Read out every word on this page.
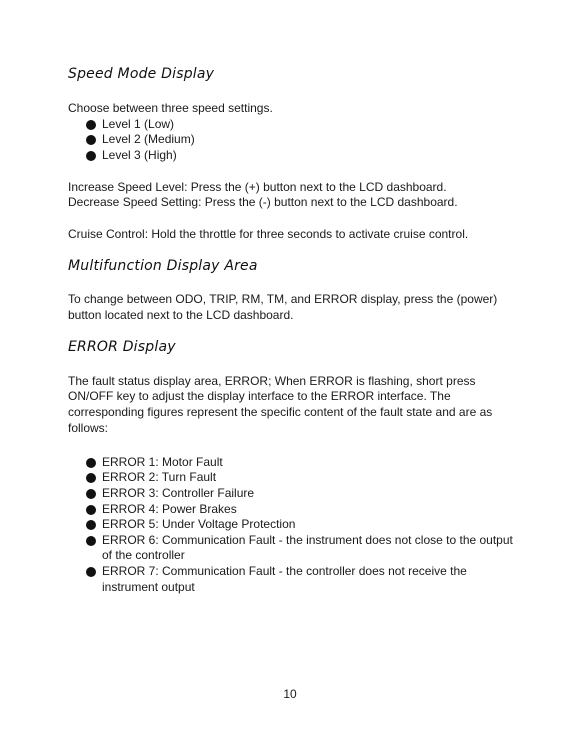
Speed Mode Display

Choose between three speed settings.

Level 1 (Low)
Level 2 (Medium)
Level 3 (High)

Increase Speed Level: Press the (+) button next to the LCD dashboard.

Decrease Speed Setting: Press the (-) button next to the LCD dashboard.

Cruise Control: Hold the throttle for three seconds to activate cruise control.

Multifunction Display Area

To change between ODO, TRIP, RM, TM, and ERROR display, press the (power) button located next to the LCD dashboard.

ERROR Display

The fault status display area, ERROR; When ERROR is flashing, short press ON/OFF key to adjust the display interface to the ERROR interface. The corresponding figures represent the specific content of the fault state and are as follows:

ERROR 1: Motor Fault
ERROR 2: Turn Fault
ERROR 3: Controller Failure
ERROR 4: Power Brakes
ERROR 5: Under Voltage Protection
ERROR 6: Communication Fault - the instrument does not close to the output of the controller
ERROR 7: Communication Fault - the controller does not receive the instrument output
10
